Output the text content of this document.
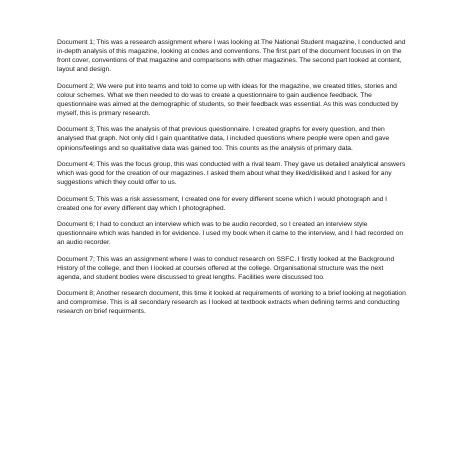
Document 1; This was a research assignment where I was looking at The National Student magazine, I conducted and in-depth analysis of this magazine, looking at codes and conventions. The first part of the document focuses in on the front cover, conventions of that magazine and comparisons with other magazines. The second part looked at content, layout and design.

Document 2; We were put into teams and told to come up with ideas for the magazine, we created titles, stories and colour schemes. What we then needed to do was to create a questionnaire to gain audience feedback. The questionnaire was aimed at the demographic of students, so their feedback was essential. As this was conducted by myself, this is primary research.

Document 3; This was the analysis of that previous questionnaire. I created graphs for every question, and then analysed that graph. Not only did I gain quantitative data, I included questions where people were open and gave opinions/feelings and so qualitative data was gained too. This counts as the analysis of primary data.

Document 4; This was the focus group, this was conducted with a rival team. They gave us detailed analytical answers which was good for the creation of our magazines. I asked them about what they liked/disliked and I asked for any suggestions which they could offer to us.

Document 5; This was a risk assessment, I created one for every different scene which I would photograph and I created one for every different day which I photographed.

Document 6; I had to conduct an interview which was to be audio recorded, so I created an interview style questionnaire which was handed in for evidence. I used my book when it came to the interview, and I had recorded on an audio recorder.

Document 7; This was an assignment where I was to conduct research on SSFC. I firstly looked at the Background History of the college, and then I looked at courses offered at the college. Organisational structure was the next agenda, and student bodies were discussed to great lengths. Facilities were discussed too.

Document 8; Another research document, this time it looked at requirements of working to a brief looking at negotiation and compromise. This is all secondary research as I looked at textbook extracts when defining terms and conducting research on brief requirments.
